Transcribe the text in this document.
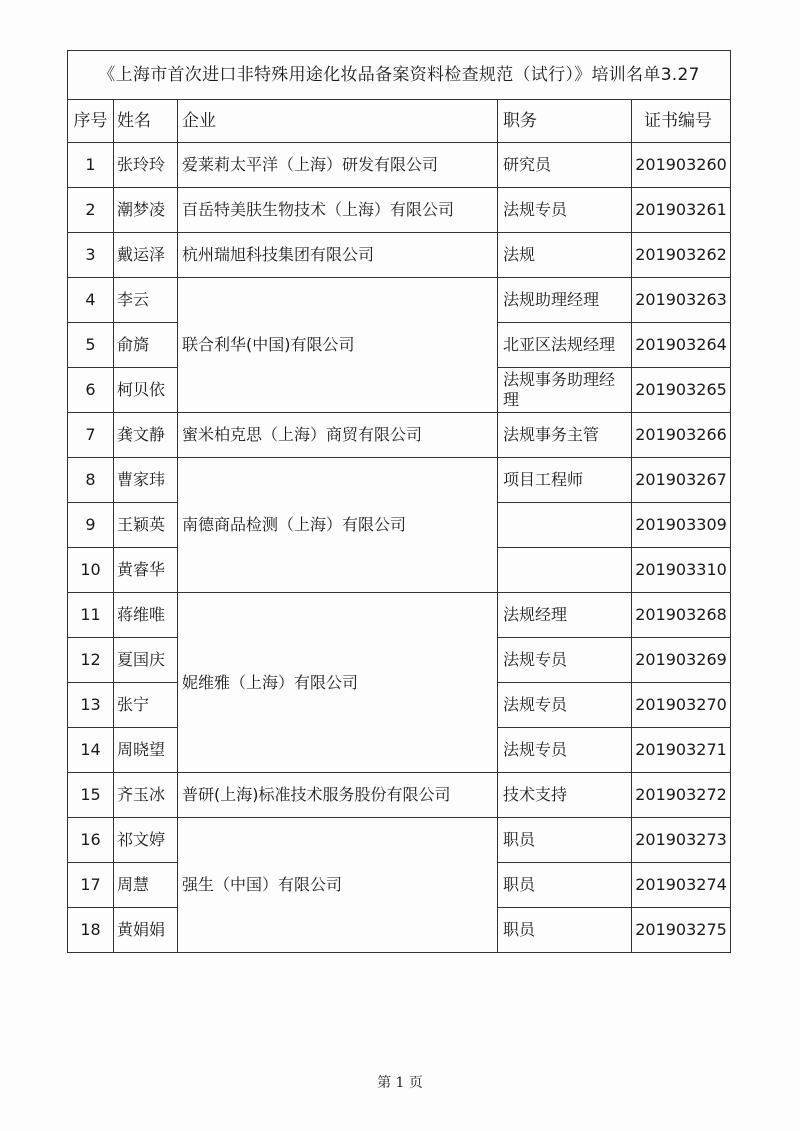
《上海市首次进口非特殊用途化妆品备案资料检查规范（试行）》培训名单3.27				
序号	姓名	企业	职务	证书编号
1	张玲玲	爱莱莉太平洋（上海）研发有限公司	研究员	201903260
2	潮梦凌	百岳特美肤生物技术（上海）有限公司	法规专员	201903261
3	戴运泽	杭州瑞旭科技集团有限公司	法规	201903262
4	李云	联合利华(中国)有限公司	法规助理经理	201903263
5	俞旖		北亚区法规经理	201903264
6	柯贝依		法规事务助理经理	201903265
7	龚文静	蜜米柏克思（上海）商贸有限公司	法规事务主管	201903266
8	曹家玮	南德商品检测（上海）有限公司	项目工程师	201903267
9	王颖英			201903309
10	黄睿华			201903310
11	蒋维唯	妮维雅（上海）有限公司	法规经理	201903268
12	夏国庆		法规专员	201903269
13	张宁		法规专员	201903270
14	周晓望		法规专员	201903271
15	齐玉冰	普研(上海)标准技术服务股份有限公司	技术支持	201903272
16	祁文婷	强生（中国）有限公司	职员	201903273
17	周慧		职员	201903274
18	黄娟娟		职员	201903275
第 1 页
